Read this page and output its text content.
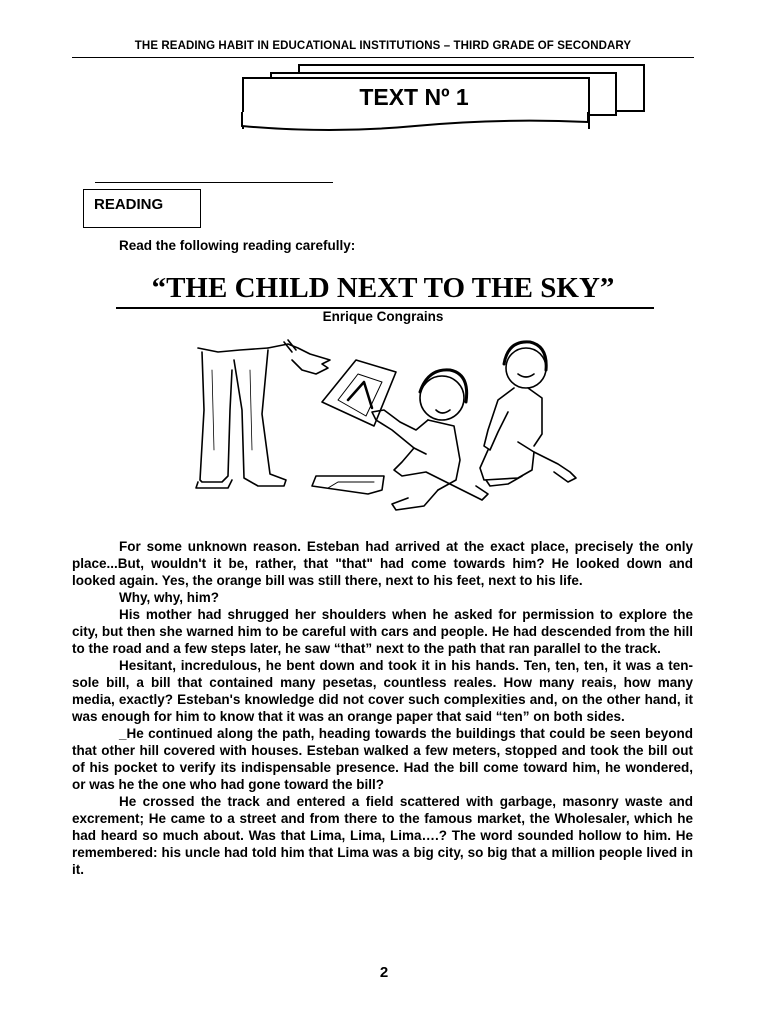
THE READING HABIT IN EDUCATIONAL INSTITUTIONS – THIRD GRADE OF SECONDARY
TEXT Nº 1
READING
Read the following reading carefully:
“THE CHILD NEXT TO THE SKY”
Enrique Congrains

For some unknown reason. Esteban had arrived at the exact place, precisely the only place...But, wouldn't it be, rather, that "that" had come towards him? He looked down and looked again. Yes, the orange bill was still there, next to his feet, next to his life.

Why, why, him?

His mother had shrugged her shoulders when he asked for permission to explore the city, but then she warned him to be careful with cars and people. He had descended from the hill to the road and a few steps later, he saw “that” next to the path that ran parallel to the track.

Hesitant, incredulous, he bent down and took it in his hands. Ten, ten, ten, it was a ten-sole bill, a bill that contained many pesetas, countless reales. How many reais, how many media, exactly? Esteban's knowledge did not cover such complexities and, on the other hand, it was enough for him to know that it was an orange paper that said “ten” on both sides.

_He continued along the path, heading towards the buildings that could be seen beyond that other hill covered with houses. Esteban walked a few meters, stopped and took the bill out of his pocket to verify its indispensable presence. Had the bill come toward him, he wondered, or was he the one who had gone toward the bill?

He crossed the track and entered a field scattered with garbage, masonry waste and excrement; He came to a street and from there to the famous market, the Wholesaler, which he had heard so much about. Was that Lima, Lima, Lima….? The word sounded hollow to him. He remembered: his uncle had told him that Lima was a big city, so big that a million people lived in it.

2
